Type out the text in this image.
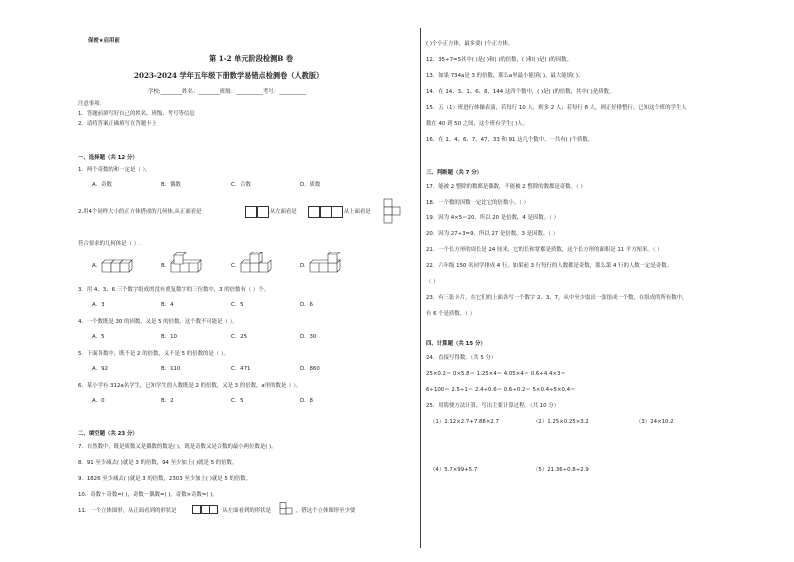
保密★启用前
第 1-2 单元阶段检测B 卷
2023-2024 学年五年级下册数学易错点检测卷（人教版）
学校:________姓名：________班级：__________考号：__________
注意事项：
1．答题前填写好自己的姓名、班级、考号等信息
2．请将答案正确填写在答题卡上
一、选择题（共 12 分）
1．两个奇数的和一定是（ ）。
A．奇数	B．偶数	C．合数	D．质数
2.用4个同样大小的正方体搭成的几何体,从正面看是	,从左面看是	,从上面看是
符合要求的几何体是（ ）.
A．	B．	C．	D．
3．用 4、3、6 三个数字组成的没有重复数字的三位数中，3 的倍数有（ ）个。
A．3	B．4	C．5	D．6
4．一个数既是 30 的因数，又是 5 的倍数，这个数不可能是（ ）。
A．5	B．10	C．25	D．30
5．下面各数中，既不是 2 的倍数，又不是 5 的倍数的是（ ）。
A．92	B．110	C．471	D．860
6．某小学有 312a名学生，已知学生的人数既是 2 的倍数，又是 3 的倍数，a里的数是（ ）。
A．0	B．2	C．5	D．8
二、填空题（共 23 分）
7．自然数中，既是质数又是偶数的数是( )，既是奇数又是合数的最小两位数是( )。
8．91 至少减去( )就是 3 的倍数，94 至少加上( )就是 5 的倍数。
9．1826 至少减去( )就是 3 的倍数，2303 至少加上( )就是 5 的倍数。
10．奇数＋奇数=( )，奇数－偶数=( )，奇数×奇数=( )。
11．一个立体图形，从正面看到的形状是	，从左面看到的形状是	，搭这个立体图形至少要
( )个小正方体，最多要( )个正方体。
12．35÷7=5其中( )是( )和( )的倍数，( )和( )是( )的因数。
13．如果 734a是 3 的倍数，那么a里最小能填( )，最大能填( )。
14．在 14、3、1、6、8、144 这四个数中，( )是( )的倍数，其中( )是质数。
15．五（1）班进行体操表演，若每行 10 人，则多 2 人；若每行 8 人，则正好排整行。已知这个班的学生人
数在 40 到 50 之间，这个班有学生( )人。
16．在 1、4、6、7、47、33 和 91 这几个数中，一共有( )个质数。
三、判断题（共 7 分）
17．能被 2 整除的数都是偶数，不能被 2 整除的数都是奇数。（ ）
18．一个数的因数一定比它的倍数小。（ ）
19．因为 4×5＝20，所以 20 是倍数，4 是因数。（ ）
20．因为 27÷3=9，所以 27 是倍数，3 是因数。（ ）
21．一个长方形的周长是 24 厘米，它的长和宽都是质数，这个长方形的面积是 11 平方厘米。（ ）
22．六年级 150 名同学排成 4 行，如果前 3 行每行的人数都是奇数，那么第 4 行的人数一定是奇数。
（ ）
23．有三张卡片，在它们的上面各写一个数字 2、3、7，从中至少取出一张组成一个数，在组成的所有数中，
有 6 个是质数。（ ）
四、计算题（共 15 分）
24．直接写得数。（共 5 分）
25×0.2＝ 0×5.8＝ 1.25×4＝ 4.05×4＝ 0.6+4.4×3＝
6÷100＝ 2.5÷1＝ 2.4÷0.6＝ 0.6÷0.2＝ 5×0.4÷5×0.4＝
25．用简便方法计算，写出主要计算过程。（共 10 分）
（1）2.12×2.7+7.88×2.7	（2）1.25×0.25×3.2	（3）24×10.2
（4）5.7×99+5.7	（5）21.36÷0.8÷2.9
